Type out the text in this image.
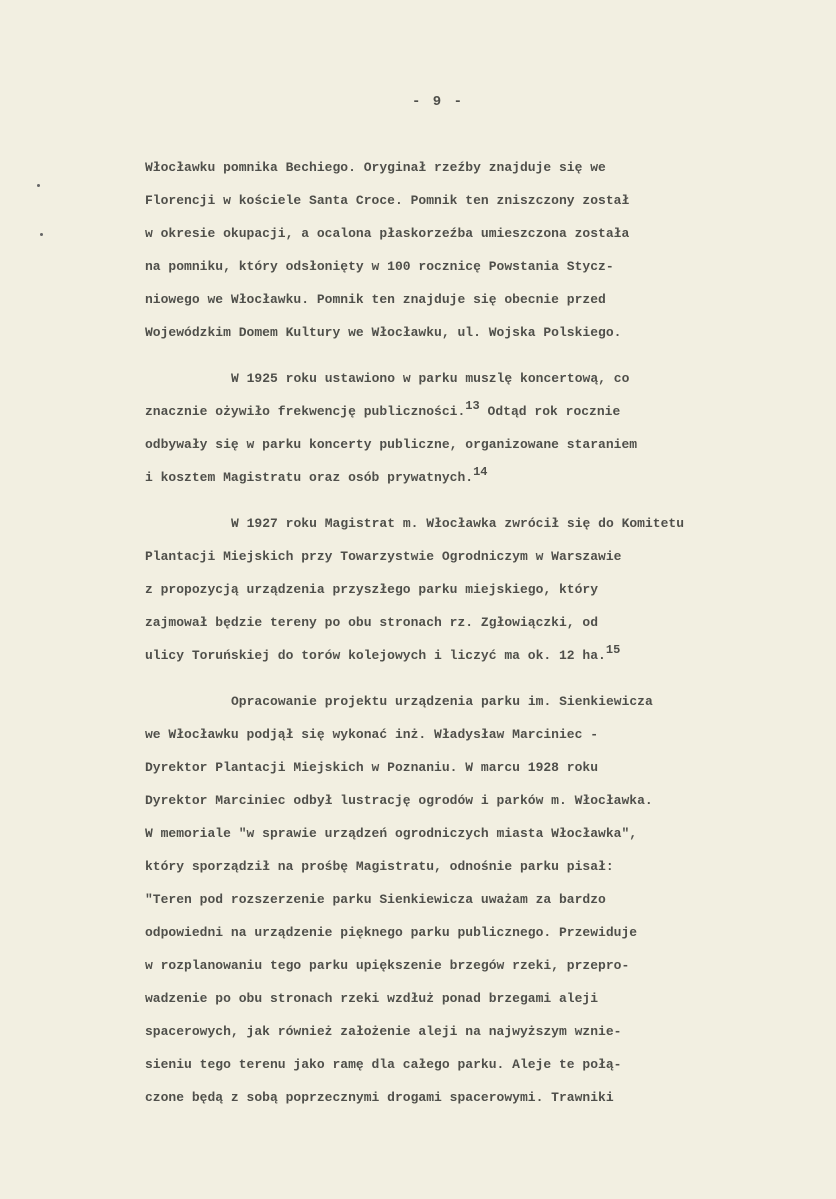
- 9 -
Włocławku pomnika Bechiego. Oryginał rzeźby znajduje się we
Florencji w kościele Santa Croce. Pomnik ten zniszczony został
w okresie okupacji, a ocalona płaskorzeźba umieszczona została
na pomniku, który odsłonięty w 100 rocznicę Powstania Stycz-
niowego we Włocławku. Pomnik ten znajduje się obecnie przed
Wojewódzkim Domem Kultury we Włocławku, ul. Wojska Polskiego.
W 1925 roku ustawiono w parku muszlę koncertową, co
znacznie ożywiło frekwencję publiczności.$^{13}$ Odtąd rok rocznie
odbywały się w parku koncerty publiczne, organizowane staraniem
i kosztem Magistratu oraz osób prywatnych.$^{14}$
W 1927 roku Magistrat m. Włocławka zwrócił się do Komitetu
Plantacji Miejskich przy Towarzystwie Ogrodniczym w Warszawie
z propozycją urządzenia przyszłego parku miejskiego, który
zajmował będzie tereny po obu stronach rz. Zgłowiączki, od
ulicy Toruńskiej do torów kolejowych i liczyć ma ok. 12 ha.$^{15}$
Opracowanie projektu urządzenia parku im. Sienkiewicza
we Włocławku podjął się wykonać inż. Władysław Marciniec -
Dyrektor Plantacji Miejskich w Poznaniu. W marcu 1928 roku
Dyrektor Marciniec odbył lustrację ogrodów i parków m. Włocławka.
W memoriale "w sprawie urządzeń ogrodniczych miasta Włocławka",
który sporządził na prośbę Magistratu, odnośnie parku pisał:
"Teren pod rozszerzenie parku Sienkiewicza uważam za bardzo
odpowiedni na urządzenie pięknego parku publicznego. Przewiduje
w rozplanowaniu tego parku upiększenie brzegów rzeki, przepro-
wadzenie po obu stronach rzeki wzdłuż ponad brzegami aleji
spacerowych, jak również założenie aleji na najwyższym wznie-
sieniu tego terenu jako ramę dla całego parku. Aleje te połą-
czone będą z sobą poprzecznymi drogami spacerowymi. Trawniki
